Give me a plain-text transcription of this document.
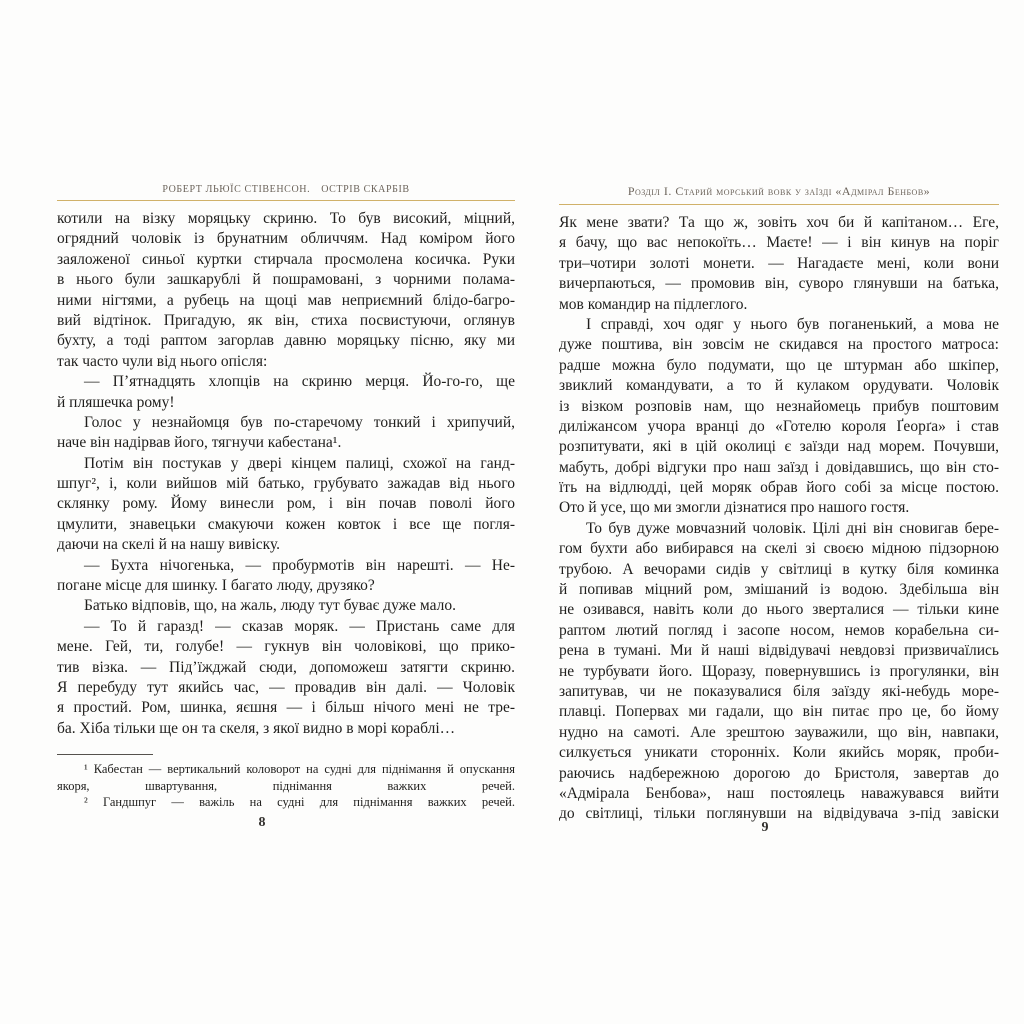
РОБЕРТ ЛЬЮЇС СТІВЕНСОН. ОСТРІВ СКАРБІВ
котили на візку моряцьку скриню. То був високий, міцний,
огрядний чоловік із брунатним обличчям. Над коміром його
заяложеної синьої куртки стирчала просмолена косичка. Руки
в нього були зашкарублі й пошрамовані, з чорними полама-
ними нігтями, а рубець на щоці мав неприємний блідо-багро-
вий відтінок. Пригадую, як він, стиха посвистуючи, оглянув
бухту, а тоді раптом загорлав давню моряцьку пісню, яку ми
так часто чули від нього опісля:
— П’ятнадцять хлопців на скриню мерця. Йо-го-го, ще
й пляшечка рому!
Голос у незнайомця був по-старечому тонкий і хрипучий,
наче він надірвав його, тягнучи кабестана¹.
Потім він постукав у двері кінцем палиці, схожої на ганд-
шпуг², і, коли вийшов мій батько, грубувато зажадав від нього
склянку рому. Йому винесли ром, і він почав поволі його
цмулити, знавецьки смакуючи кожен ковток і все ще погля-
даючи на скелі й на нашу вивіску.
— Бухта нічогенька, — пробурмотів він нарешті. — Не-
погане місце для шинку. І багато люду, друзяко?
Батько відповів, що, на жаль, люду тут буває дуже мало.
— То й гаразд! — сказав моряк. — Пристань саме для
мене. Гей, ти, голубе! — гукнув він чоловікові, що прико-
тив візка. — Під’їжджай сюди, допоможеш затягти скриню.
Я перебуду тут якийсь час, — провадив він далі. — Чоловік
я простий. Ром, шинка, яєшня — і більш нічого мені не тре-
ба. Хіба тільки ще он та скеля, з якої видно в морі кораблі…
¹ Кабестан — вертикальний коловорот на судні для піднімання й опускання
якоря, швартування, піднімання важких речей.
² Гандшпуг — важіль на судні для піднімання важких речей.
8
Розділ I. Старий морський вовк у заїзді «Адмірал Бенбов»
Як мене звати? Та що ж, зовіть хоч би й капітаном… Еге,
я бачу, що вас непокоїть… Маєте! — і він кинув на поріг
три–чотири золоті монети. — Нагадаєте мені, коли вони
вичерпаються, — промовив він, суворо глянувши на батька,
мов командир на підлеглого.
І справді, хоч одяг у нього був поганенький, а мова не
дуже поштива, він зовсім не скидався на простого матроса:
радше можна було подумати, що це штурман або шкіпер,
звиклий командувати, а то й кулаком орудувати. Чоловік
із візком розповів нам, що незнайомець прибув поштовим
диліжансом учора вранці до «Готелю короля Ґеорґа» і став
розпитувати, які в цій околиці є заїзди над морем. Почувши,
мабуть, добрі відгуки про наш заїзд і довідавшись, що він сто-
їть на відлюдді, цей моряк обрав його собі за місце постою.
Ото й усе, що ми змогли дізнатися про нашого гостя.
То був дуже мовчазний чоловік. Цілі дні він сновигав бере-
гом бухти або вибирався на скелі зі своєю мідною підзорною
трубою. А вечорами сидів у світлиці в кутку біля коминка
й попивав міцний ром, змішаний із водою. Здебільша він
не озивався, навіть коли до нього зверталися — тільки кине
раптом лютий погляд і засопе носом, немов корабельна си-
рена в тумані. Ми й наші відвідувачі невдовзі призвичаїлись
не турбувати його. Щоразу, повернувшись із прогулянки, він
запитував, чи не показувалися біля заїзду які-небудь море-
плавці. Попервах ми гадали, що він питає про це, бо йому
нудно на самоті. Але зрештою зауважили, що він, навпаки,
силкується уникати сторонніх. Коли якийсь моряк, проби-
раючись надбережною дорогою до Бристоля, завертав до
«Адмірала Бенбова», наш постоялець наважувався вийти
до світлиці, тільки поглянувши на відвідувача з-під завіски
9
